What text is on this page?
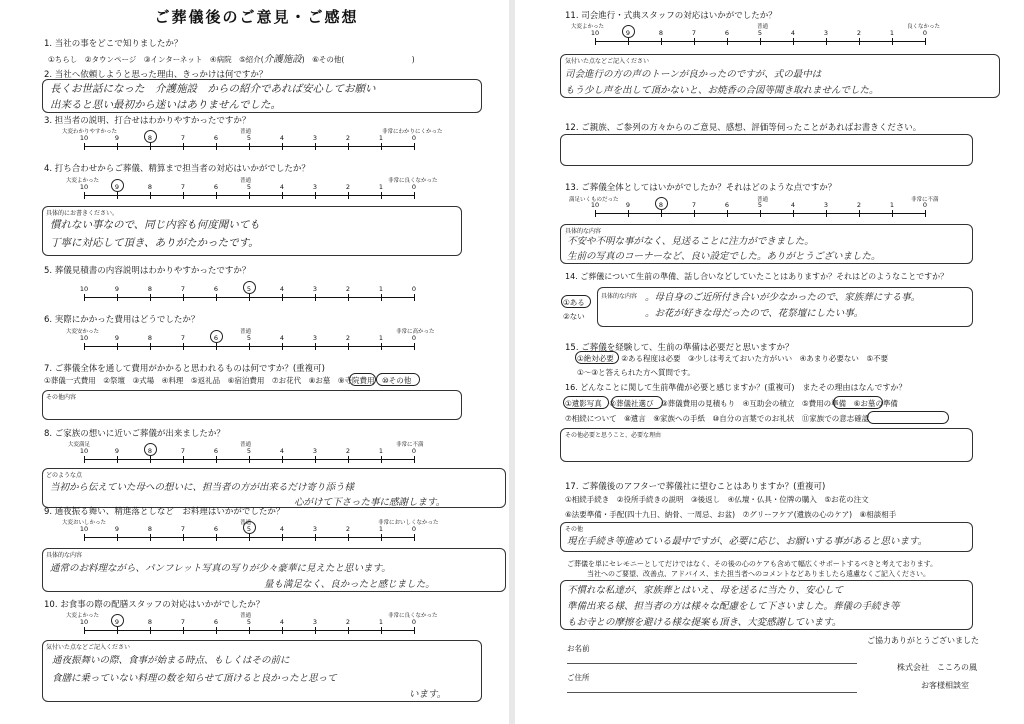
ご葬儀後のご意見・ご感想
1. 当社の事をどこで知りましたか？
①ちらし　②タウンページ　③インターネット　④病院　⑤紹介(介護施設)　⑥その他(　　　　　　　　　)
2. 当社へ依頼しようと思った理由、きっかけは何ですか？
長くお世話になった　介護施設　からの紹介であれば安心してお願い
出来ると思い最初から迷いはありませんでした。
3. 担当者の説明、打合せはわかりやすかったですか？
大変わかりやすかった	普通	非常にわかりにくかった
10	9	8	7	6	5	4	3	2	1	0
4. 打ち合わせからご葬儀、精算まで担当者の対応はいかがでしたか？
大変よかった	普通	非常に良くなかった
10	9	8	7	6	5	4	3	2	1	0
具体的にお書きください。
慣れない事なので、同じ内容も何度聞いても
丁寧に対応して頂き、ありがたかったです。
5. 葬儀見積書の内容説明はわかりやすかったですか？
10	9	8	7	6	5	4	3	2	1	0
6. 実際にかかった費用はどうでしたか？
大変安かった	普通	非常に高かった
10	9	8	7	6	5	4	3	2	1	0
7. ご葬儀全体を通して費用がかかると思われるものは何ですか？(重複可)
①葬儀一式費用　②祭壇　③式場　④料理　⑤返礼品　⑥宿泊費用　⑦お花代　⑧お墓　⑨寺院費用　⑩その他
その他内容
8. ご家族の想いに近いご葬儀が出来ましたか？
大変満足	普通	非常に不満
10	9	8	7	6	5	4	3	2	1	0
どのような点
当初から伝えていた母への想いに、担当者の方が出来るだけ寄り添う様
心がけて下さった事に感謝します。
9. 通夜振る舞い、精進落としなど　お料理はいかがでしたか？
大変おいしかった	普通	非常においしくなかった
10	9	8	7	6	5	4	3	2	1	0
具体的な内容
通常のお料理ながら、パンフレット写真の写りが少々豪華に見えたと思います。
量も満足なく、良かったと感じました。
10. お食事の際の配膳スタッフの対応はいかがでしたか？
大変よかった	普通	非常に良くなかった
10	9	8	7	6	5	4	3	2	1	0
気付いた点などご記入ください
通夜振舞いの際、食事が始まる時点、もしくはその前に
食膳に乗っていない料理の数を知らせて頂けると良かったと思って
います。
11. 司会進行・式典スタッフの対応はいかがでしたか？
大変よかった	普通	良くなかった
10	9	8	7	6	5	4	3	2	1	0
気付いた点などご記入ください
司会進行の方の声のトーンが良かったのですが、式の最中は
もう少し声を出して頂かないと、お焼香の合図等聞き取れませんでした。
12. ご親族、ご参列の方々からのご意見、感想、評価等伺ったことがあればお書きください。
13. ご葬儀全体としてはいかがでしたか？それはどのような点ですか？
満足いくものだった	普通	非常に不満
10	9	8	7	6	5	4	3	2	1	0
具体的な内容
不安や不明な事がなく、見送ることに注力ができました。
生前の写真のコーナーなど、良い設定でした。ありがとうございました。
14. ご葬儀について生前の準備、話し合いなどしていたことはありますか？それはどのようなことですか？
①ある
②ない
具体的な内容 。母自身のご近所付き合いが少なかったので、家族葬にする事。
。お花が好きな母だったので、花祭壇にしたい事。
15. ご葬儀を経験して、生前の準備は必要だと思いますか？
①絶対必要　②ある程度は必要　③少しは考えておいた方がいい　④あまり必要ない　⑤不要
①～③と答えられた方へ質問です。
16. どんなことに関して生前準備が必要と感じますか？(重複可)　またその理由はなんですか？
①遺影写真　②葬儀社選び　③葬儀費用の見積もり　④互助会の積立　⑤費用の準備　⑥お墓の準備
⑦相続について　⑧遺言　⑨家族への手紙　⑩自分の言葉でのお礼状　⑪家族での意志確認
その他必要と思うこと、必要な理由
17. ご葬儀後のアフターで葬儀社に望むことはありますか？(重複可)
①相続手続き　②役所手続きの説明　③後返し　④仏壇・仏具・位牌の購入　⑤お花の注文
⑥法要準備・手配(四十九日、納骨、一周忌、お盆)　⑦グリーフケア(遺族の心のケア)　⑧相談相手
その他
現在手続き等進めている最中ですが、必要に応じ、お願いする事があると思います。
ご葬儀を単にセレモニーとしてだけではなく、その後の心のケアも含めて幅広くサポートするべきと考えております。
当社へのご要望、改善点、アドバイス、また担当者へのコメントなどありましたら遠慮なくご記入ください。
不慣れな私達が、家族葬とはいえ、母を送るに当たり、安心して
準備出来る様、担当者の方は様々な配慮をして下さいました。葬儀の手続き等
もお寺との摩擦を避ける様な提案も頂き、大変感謝しています。
ご協力ありがとうございました
お名前
ご住所
株式会社　こころの風
お客様相談室
